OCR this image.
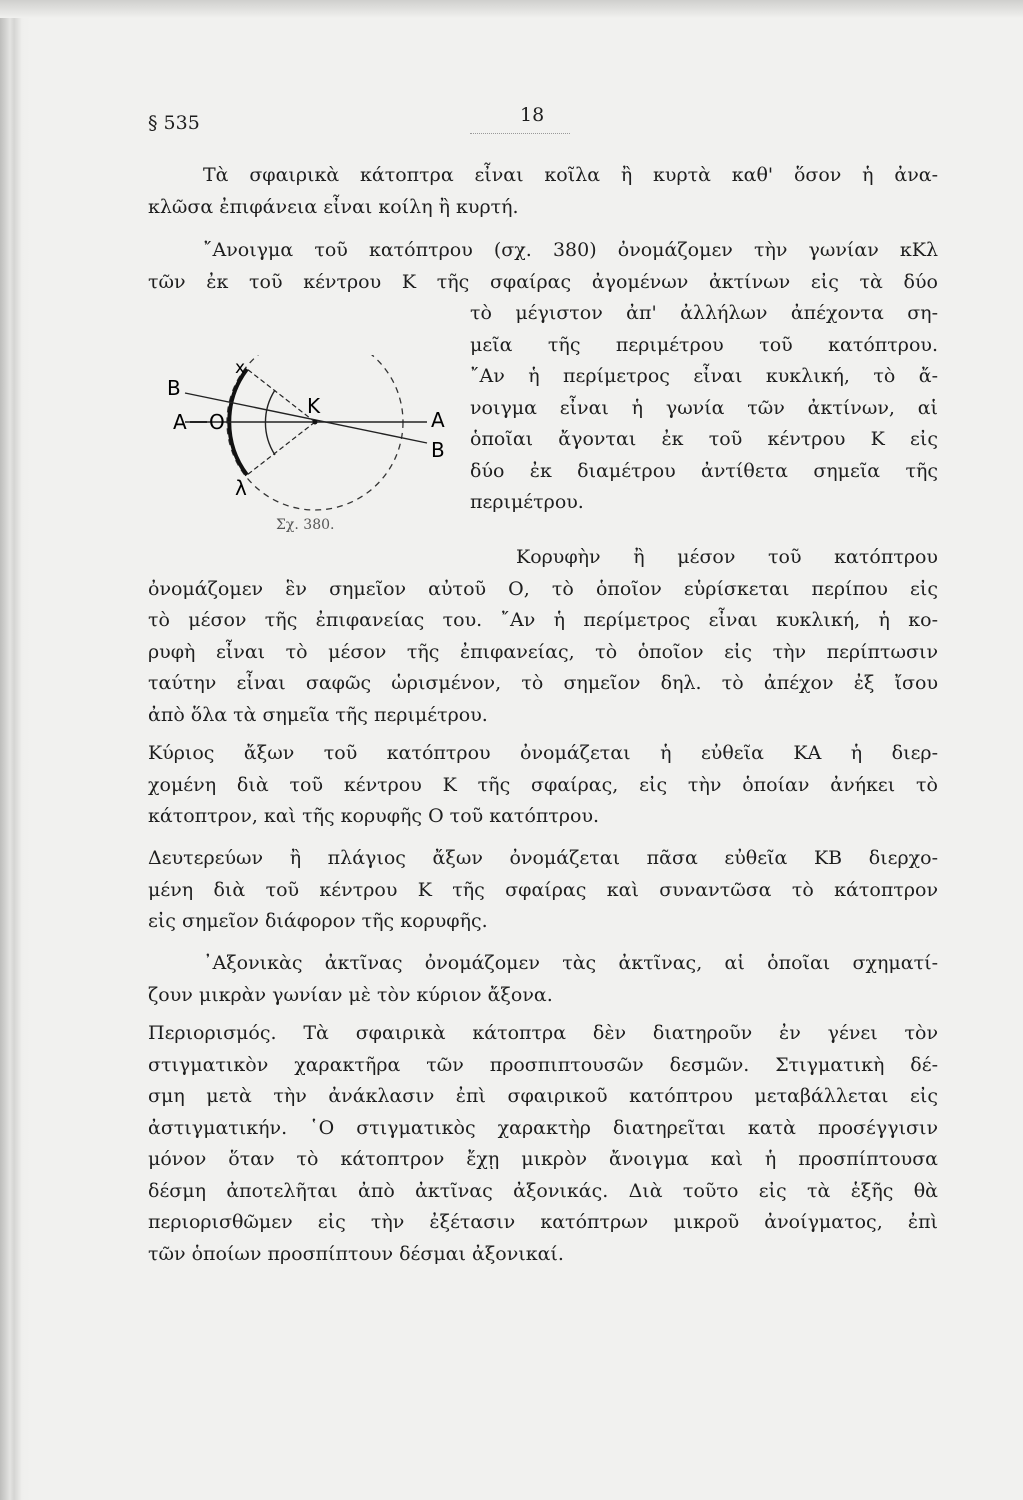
§ 535	18
Τὰ σφαιρικὰ κάτοπτρα εἶναι κοῖλα ἢ κυρτὰ καθ' ὅσον ἡ ἀνα-
κλῶσα ἐπιφάνεια εἶναι κοίλη ἢ κυρτή.
῎Ανοιγμα τοῦ κατόπτρου (σχ. 380) ὀνομάζομεν τὴν γωνίαν κΚλ
τῶν ἐκ τοῦ κέντρου Κ τῆς σφαίρας ἀγομένων ἀκτίνων εἰς τὰ δύο
τὸ μέγιστον ἀπ' ἀλλήλων ἀπέχοντα ση-
μεῖα τῆς περιμέτρου τοῦ κατόπτρου.
῎Αν ἡ περίμετρος εἶναι κυκλική, τὸ ἄ-
νοιγμα εἶναι ἡ γωνία τῶν ἀκτίνων, αἱ
ὁποῖαι ἄγονται ἐκ τοῦ κέντρου Κ εἰς
δύο ἐκ διαμέτρου ἀντίθετα σημεῖα τῆς
περιμέτρου.
B
A O
x
K
A
B
λ
Σχ. 380.
Κορυφὴν ἢ μέσον τοῦ κατόπτρου
ὀνομάζομεν ἓν σημεῖον αὐτοῦ Ο, τὸ ὁποῖον εὑρίσκεται περίπου εἰς
τὸ μέσον τῆς ἐπιφανείας του. ῎Αν ἡ περίμετρος εἶναι κυκλική, ἡ κο-
ρυφὴ εἶναι τὸ μέσον τῆς ἐπιφανείας, τὸ ὁποῖον εἰς τὴν περίπτωσιν
ταύτην εἶναι σαφῶς ὡρισμένον, τὸ σημεῖον δηλ. τὸ ἀπέχον ἐξ ἴσου
ἀπὸ ὅλα τὰ σημεῖα τῆς περιμέτρου.
Κύριος ἄξων τοῦ κατόπτρου ὀνομάζεται ἡ εὐθεῖα ΚΑ ἡ διερ-
χομένη διὰ τοῦ κέντρου Κ τῆς σφαίρας, εἰς τὴν ὁποίαν ἀνήκει τὸ
κάτοπτρον, καὶ τῆς κορυφῆς Ο τοῦ κατόπτρου.
Δευτερεύων ἢ πλάγιος ἄξων ὀνομάζεται πᾶσα εὐθεῖα ΚΒ διερχο-
μένη διὰ τοῦ κέντρου Κ τῆς σφαίρας καὶ συναντῶσα τὸ κάτοπτρον
εἰς σημεῖον διάφορον τῆς κορυφῆς.
᾿Αξονικὰς ἀκτῖνας ὀνομάζομεν τὰς ἀκτῖνας, αἱ ὁποῖαι σχηματί-
ζουν μικρὰν γωνίαν μὲ τὸν κύριον ἄξονα.
Περιορισμός. Τὰ σφαιρικὰ κάτοπτρα δὲν διατηροῦν ἐν γένει τὸν
στιγματικὸν χαρακτῆρα τῶν προσπιπτουσῶν δεσμῶν. Στιγματικὴ δέ-
σμη μετὰ τὴν ἀνάκλασιν ἐπὶ σφαιρικοῦ κατόπτρου μεταβάλλεται εἰς
ἀστιγματικήν. ῾Ο στιγματικὸς χαρακτὴρ διατηρεῖται κατὰ προσέγγισιν
μόνον ὅταν τὸ κάτοπτρον ἔχῃ μικρὸν ἄνοιγμα καὶ ἡ προσπίπτουσα
δέσμη ἀποτελῆται ἀπὸ ἀκτῖνας ἀξονικάς. Διὰ τοῦτο εἰς τὰ ἑξῆς θὰ
περιορισθῶμεν εἰς τὴν ἐξέτασιν κατόπτρων μικροῦ ἀνοίγματος, ἐπὶ
τῶν ὁποίων προσπίπτουν δέσμαι ἀξονικαί.
